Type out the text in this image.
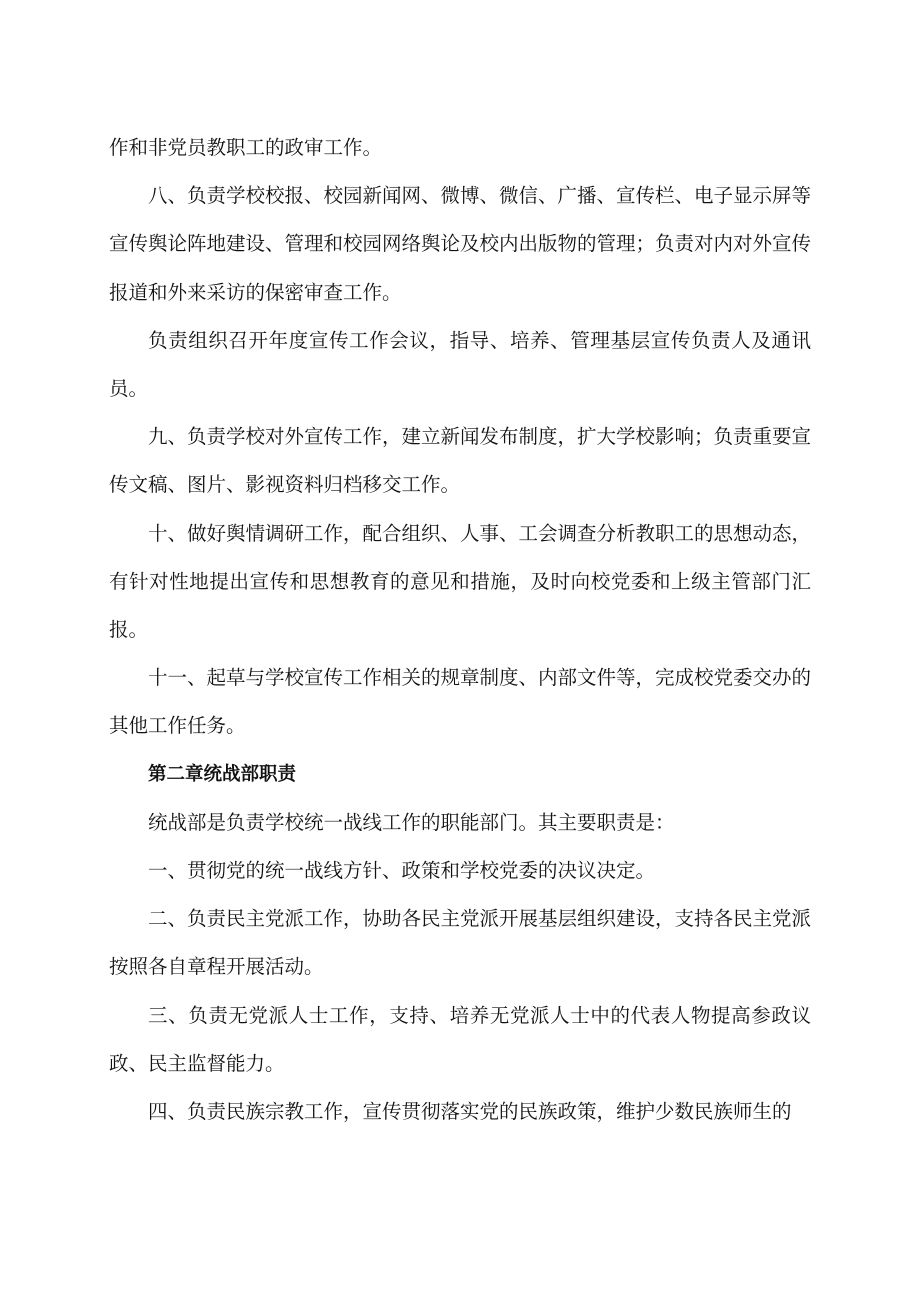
作和非党员教职工的政审工作。

八、负责学校校报、校园新闻网、微博、微信、广播、宣传栏、电子显示屏等宣传舆论阵地建设、管理和校园网络舆论及校内出版物的管理；负责对内对外宣传报道和外来采访的保密审查工作。

负责组织召开年度宣传工作会议，指导、培养、管理基层宣传负责人及通讯员。

九、负责学校对外宣传工作，建立新闻发布制度，扩大学校影响；负责重要宣传文稿、图片、影视资料归档移交工作。

十、做好舆情调研工作，配合组织、人事、工会调查分析教职工的思想动态，有针对性地提出宣传和思想教育的意见和措施，及时向校党委和上级主管部门汇报。

十一、起草与学校宣传工作相关的规章制度、内部文件等，完成校党委交办的其他工作任务。

第二章统战部职责

统战部是负责学校统一战线工作的职能部门。其主要职责是：

一、贯彻党的统一战线方针、政策和学校党委的决议决定。

二、负责民主党派工作，协助各民主党派开展基层组织建设，支持各民主党派按照各自章程开展活动。

三、负责无党派人士工作，支持、培养无党派人士中的代表人物提高参政议政、民主监督能力。

四、负责民族宗教工作，宣传贯彻落实党的民族政策，维护少数民族师生的
